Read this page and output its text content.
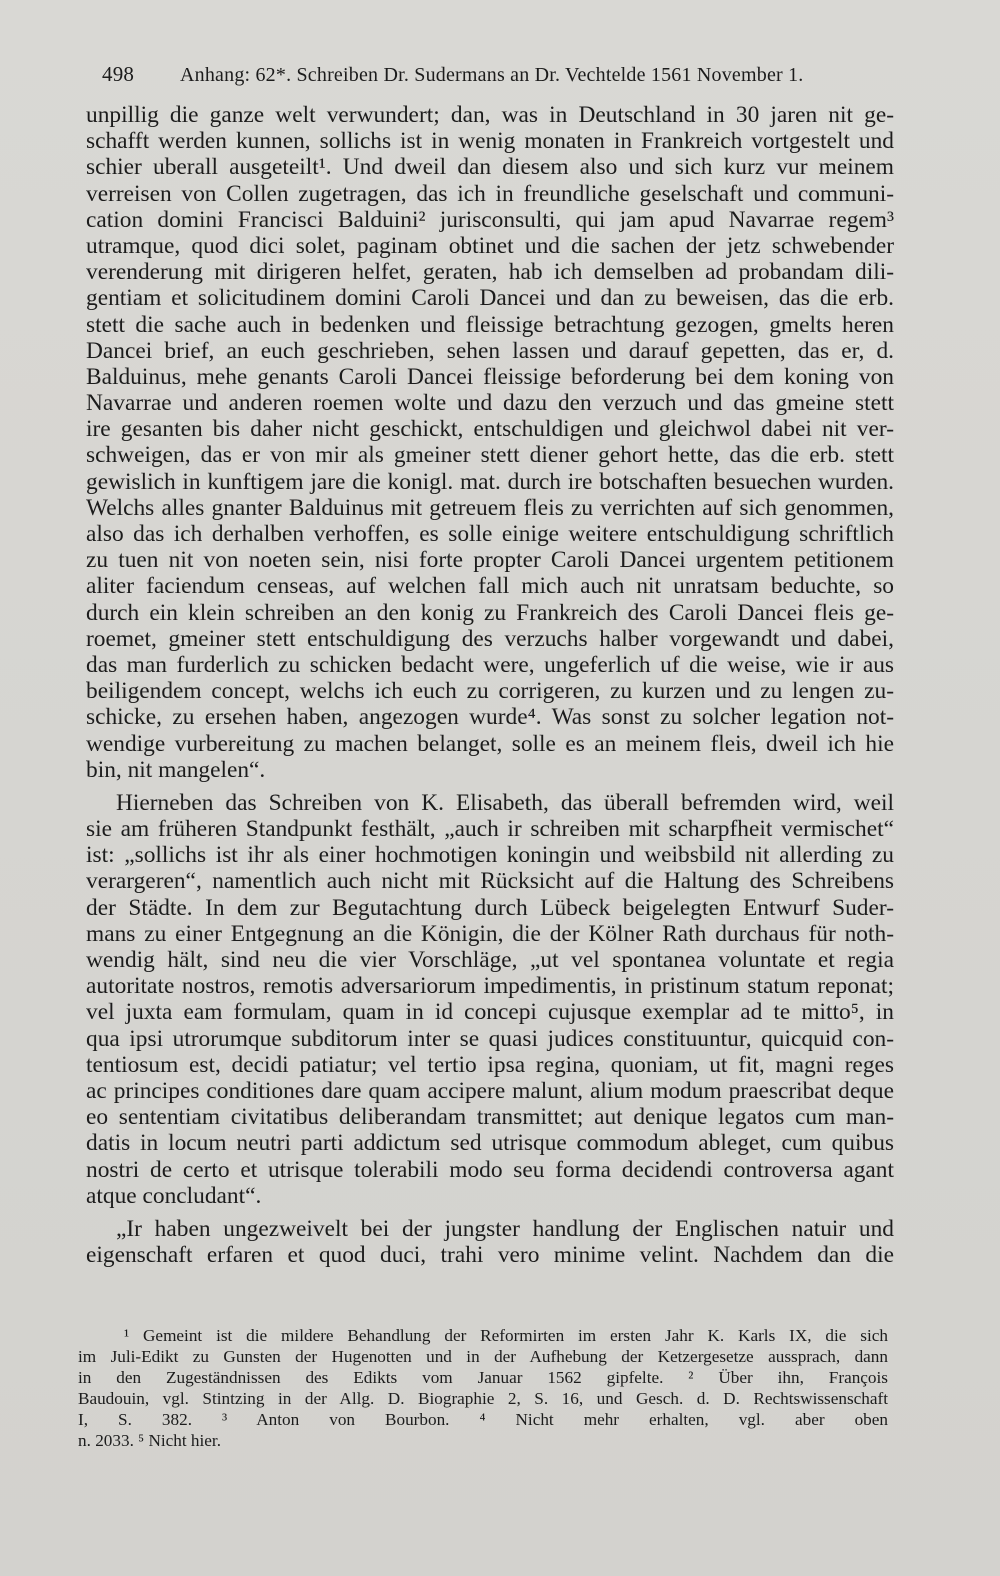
498 Anhang: 62*. Schreiben Dr. Sudermans an Dr. Vechtelde 1561 November 1.
unpillig die ganze welt verwundert; dan, was in Deutschland in 30 jaren nit ge-
schafft werden kunnen, sollichs ist in wenig monaten in Frankreich vortgestelt und
schier uberall ausgeteilt¹. Und dweil dan diesem also und sich kurz vur meinem
verreisen von Collen zugetragen, das ich in freundliche geselschaft und communi-
cation domini Francisci Balduini² jurisconsulti, qui jam apud Navarrae regem³
utramque, quod dici solet, paginam obtinet und die sachen der jetz schwebender
verenderung mit dirigeren helfet, geraten, hab ich demselben ad probandam dili-
gentiam et solicitudinem domini Caroli Dancei und dan zu beweisen, das die erb.
stett die sache auch in bedenken und fleissige betrachtung gezogen, gmelts heren
Dancei brief, an euch geschrieben, sehen lassen und darauf gepetten, das er, d.
Balduinus, mehe genants Caroli Dancei fleissige beforderung bei dem koning von
Navarrae und anderen roemen wolte und dazu den verzuch und das gmeine stett
ire gesanten bis daher nicht geschickt, entschuldigen und gleichwol dabei nit ver-
schweigen, das er von mir als gmeiner stett diener gehort hette, das die erb. stett
gewislich in kunftigem jare die konigl. mat. durch ire botschaften besuechen wurden.
Welchs alles gnanter Balduinus mit getreuem fleis zu verrichten auf sich genommen,
also das ich derhalben verhoffen, es solle einige weitere entschuldigung schriftlich
zu tuen nit von noeten sein, nisi forte propter Caroli Dancei urgentem petitionem
aliter faciendum censeas, auf welchen fall mich auch nit unratsam beduchte, so
durch ein klein schreiben an den konig zu Frankreich des Caroli Dancei fleis ge-
roemet, gmeiner stett entschuldigung des verzuchs halber vorgewandt und dabei,
das man furderlich zu schicken bedacht were, ungeferlich uf die weise, wie ir aus
beiligendem concept, welchs ich euch zu corrigeren, zu kurzen und zu lengen zu-
schicke, zu ersehen haben, angezogen wurde⁴. Was sonst zu solcher legation not-
wendige vurbereitung zu machen belanget, solle es an meinem fleis, dweil ich hie
bin, nit mangelen“.
Hierneben das Schreiben von K. Elisabeth, das überall befremden wird, weil
sie am früheren Standpunkt festhält, „auch ir schreiben mit scharpfheit vermischet“
ist: „sollichs ist ihr als einer hochmotigen koningin und weibsbild nit allerding zu
verargeren“, namentlich auch nicht mit Rücksicht auf die Haltung des Schreibens
der Städte. In dem zur Begutachtung durch Lübeck beigelegten Entwurf Suder-
mans zu einer Entgegnung an die Königin, die der Kölner Rath durchaus für noth-
wendig hält, sind neu die vier Vorschläge, „ut vel spontanea voluntate et regia
autoritate nostros, remotis adversariorum impedimentis, in pristinum statum reponat;
vel juxta eam formulam, quam in id concepi cujusque exemplar ad te mitto⁵, in
qua ipsi utrorumque subditorum inter se quasi judices constituuntur, quicquid con-
tentiosum est, decidi patiatur; vel tertio ipsa regina, quoniam, ut fit, magni reges
ac principes conditiones dare quam accipere malunt, alium modum praescribat deque
eo sententiam civitatibus deliberandam transmittet; aut denique legatos cum man-
datis in locum neutri parti addictum sed utrisque commodum ableget, cum quibus
nostri de certo et utrisque tolerabili modo seu forma decidendi controversa agant
atque concludant“.
„Ir haben ungezweivelt bei der jungster handlung der Englischen natuir und
eigenschaft erfaren et quod duci, trahi vero minime velint. Nachdem dan die
¹ Gemeint ist die mildere Behandlung der Reformirten im ersten Jahr K. Karls IX, die sich
im Juli-Edikt zu Gunsten der Hugenotten und in der Aufhebung der Ketzergesetze aussprach, dann
in den Zugeständnissen des Edikts vom Januar 1562 gipfelte. ² Über ihn, François
Baudouin, vgl. Stintzing in der Allg. D. Biographie 2, S. 16, und Gesch. d. D. Rechtswissenschaft
I, S. 382. ³ Anton von Bourbon. ⁴ Nicht mehr erhalten, vgl. aber oben
n. 2033. ⁵ Nicht hier.
